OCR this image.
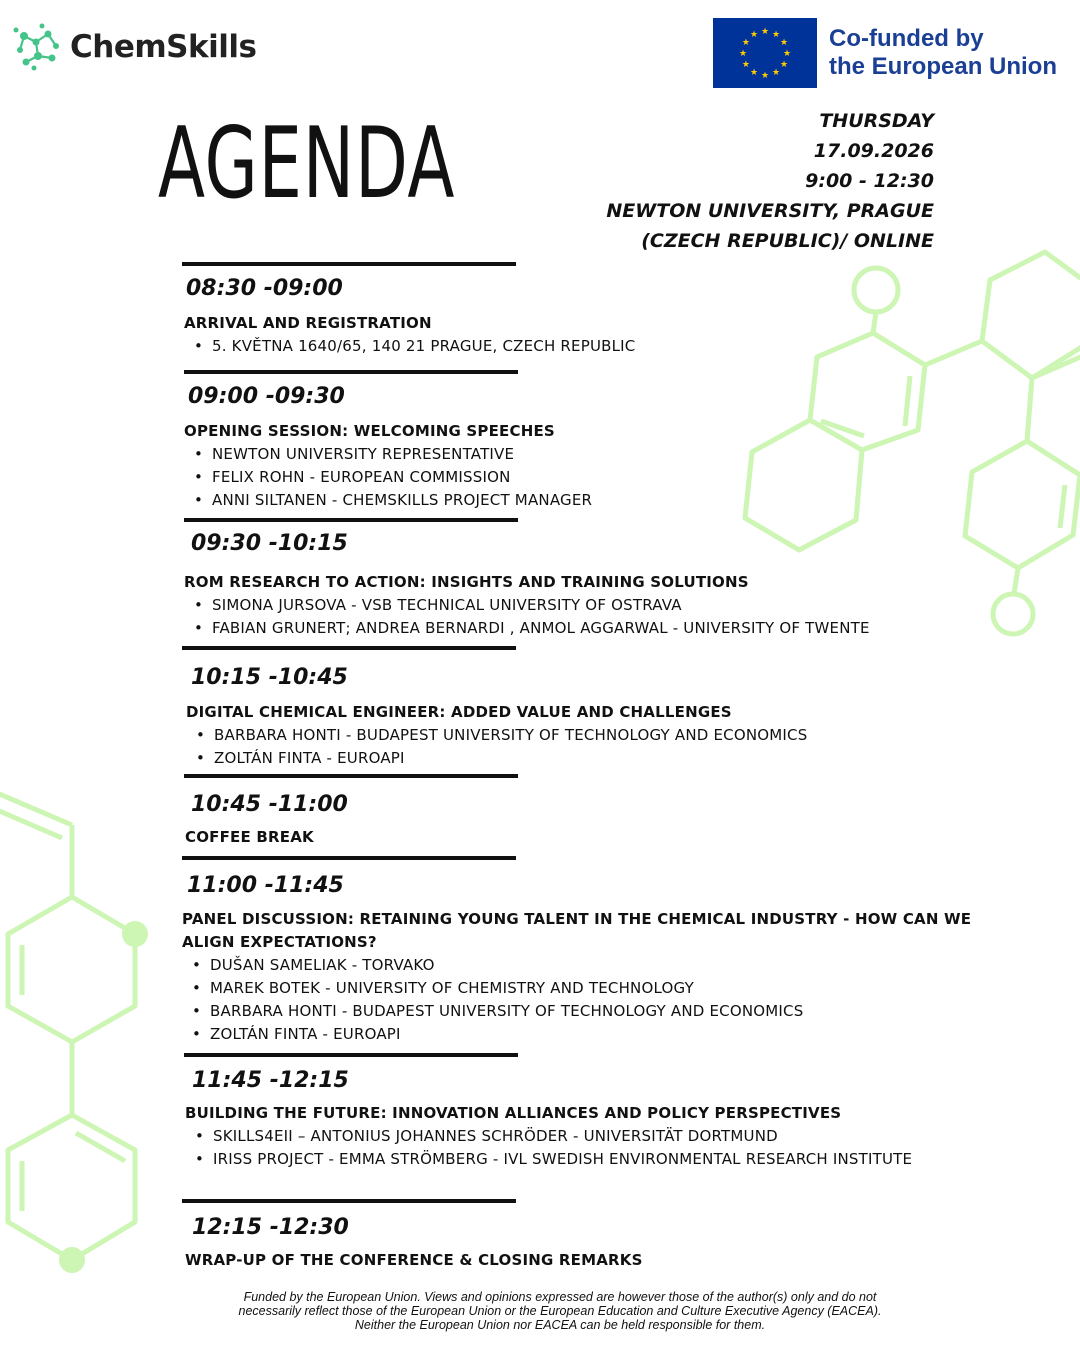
ChemSkills	★ ★
★
★
★
★
★
★
★
★
★
★	Co-funded by
the European Union
AGENDA	THURSDAY
17.09.2026
9:00 - 12:30
NEWTON UNIVERSITY, PRAGUE
(CZECH REPUBLIC)/ ONLINE
08:30 -09:00
ARRIVAL AND REGISTRATION
• 5. KVĚTNA 1640/65, 140 21 PRAGUE, CZECH REPUBLIC
09:00 -09:30
OPENING SESSION: WELCOMING SPEECHES
• NEWTON UNIVERSITY REPRESENTATIVE
• FELIX ROHN - EUROPEAN COMMISSION
• ANNI SILTANEN - CHEMSKILLS PROJECT MANAGER
09:30 -10:15
ROM RESEARCH TO ACTION: INSIGHTS AND TRAINING SOLUTIONS
• SIMONA JURSOVA - VSB TECHNICAL UNIVERSITY OF OSTRAVA
• FABIAN GRUNERT; ANDREA BERNARDI , ANMOL AGGARWAL - UNIVERSITY OF TWENTE
10:15 -10:45
DIGITAL CHEMICAL ENGINEER: ADDED VALUE AND CHALLENGES
• BARBARA HONTI - BUDAPEST UNIVERSITY OF TECHNOLOGY AND ECONOMICS
• ZOLTÁN FINTA - EUROAPI
10:45 -11:00
COFFEE BREAK
11:00 -11:45
PANEL DISCUSSION: RETAINING YOUNG TALENT IN THE CHEMICAL INDUSTRY - HOW CAN WE ALIGN EXPECTATIONS?
• DUŠAN SAMELIAK - TORVAKO
• MAREK BOTEK - UNIVERSITY OF CHEMISTRY AND TECHNOLOGY
• BARBARA HONTI - BUDAPEST UNIVERSITY OF TECHNOLOGY AND ECONOMICS
• ZOLTÁN FINTA - EUROAPI
11:45 -12:15
BUILDING THE FUTURE: INNOVATION ALLIANCES AND POLICY PERSPECTIVES
• SKILLS4EII – ANTONIUS JOHANNES SCHRÖDER - UNIVERSITÄT DORTMUND
• IRISS PROJECT - EMMA STRÖMBERG - IVL SWEDISH ENVIRONMENTAL RESEARCH INSTITUTE
12:15 -12:30
WRAP-UP OF THE CONFERENCE & CLOSING REMARKS
Funded by the European Union. Views and opinions expressed are however those of the author(s) only and do not
necessarily reflect those of the European Union or the European Education and Culture Executive Agency (EACEA).
Neither the European Union nor EACEA can be held responsible for them.
